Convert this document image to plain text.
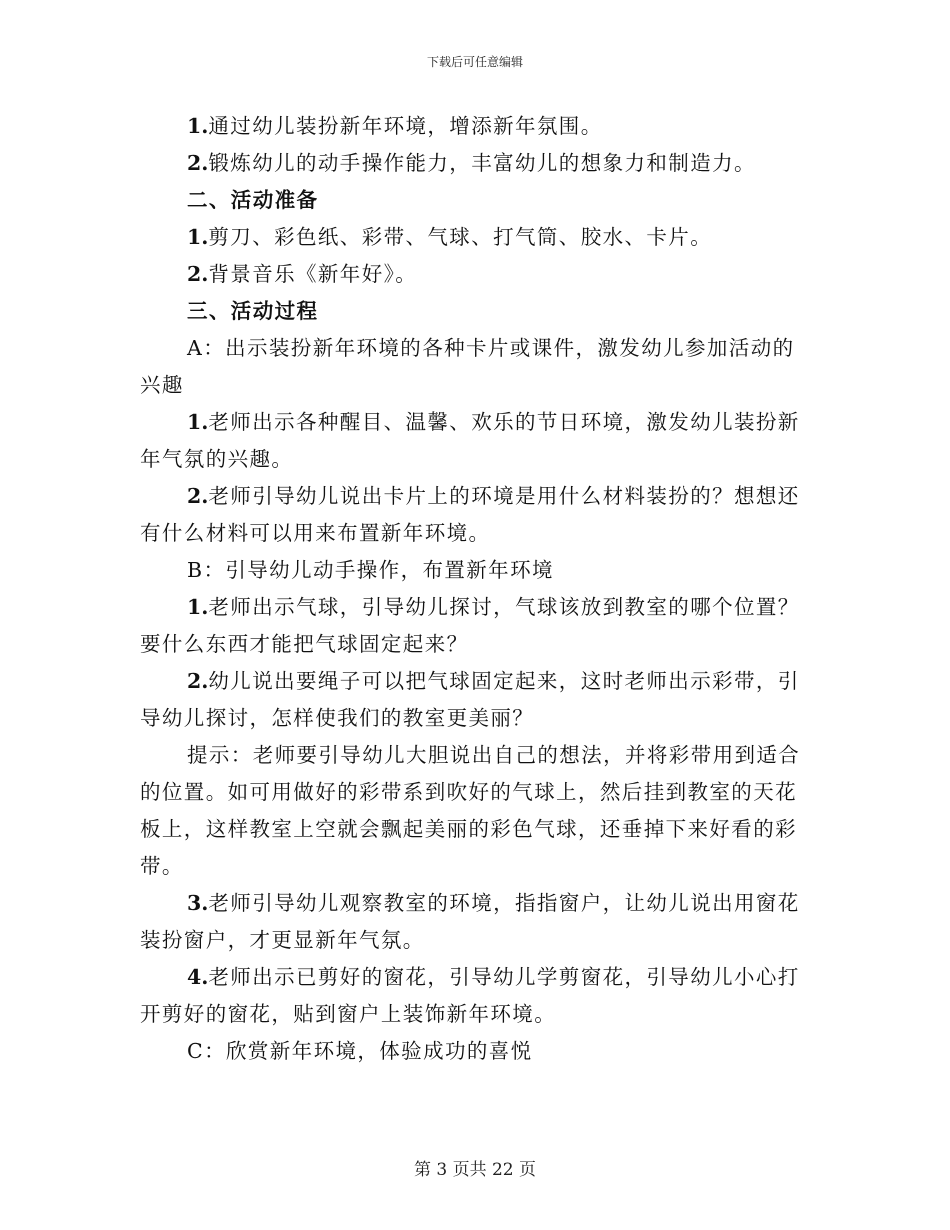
下载后可任意编辑

1.通过幼儿装扮新年环境，增添新年氛围。

2.锻炼幼儿的动手操作能力，丰富幼儿的想象力和制造力。

二、活动准备

1.剪刀、彩色纸、彩带、气球、打气筒、胶水、卡片。

2.背景音乐《新年好》。

三、活动过程

A：出示装扮新年环境的各种卡片或课件，激发幼儿参加活动的兴趣

1.老师出示各种醒目、温馨、欢乐的节日环境，激发幼儿装扮新年气氛的兴趣。

2.老师引导幼儿说出卡片上的环境是用什么材料装扮的？想想还有什么材料可以用来布置新年环境。

B：引导幼儿动手操作，布置新年环境

1.老师出示气球，引导幼儿探讨，气球该放到教室的哪个位置？要什么东西才能把气球固定起来？

2.幼儿说出要绳子可以把气球固定起来，这时老师出示彩带，引导幼儿探讨，怎样使我们的教室更美丽？

提示：老师要引导幼儿大胆说出自己的想法，并将彩带用到适合的位置。如可用做好的彩带系到吹好的气球上，然后挂到教室的天花板上，这样教室上空就会飘起美丽的彩色气球，还垂掉下来好看的彩带。

3.老师引导幼儿观察教室的环境，指指窗户，让幼儿说出用窗花装扮窗户，才更显新年气氛。

4.老师出示已剪好的窗花，引导幼儿学剪窗花，引导幼儿小心打开剪好的窗花，贴到窗户上装饰新年环境。

C：欣赏新年环境，体验成功的喜悦

第 3 页共 22 页
